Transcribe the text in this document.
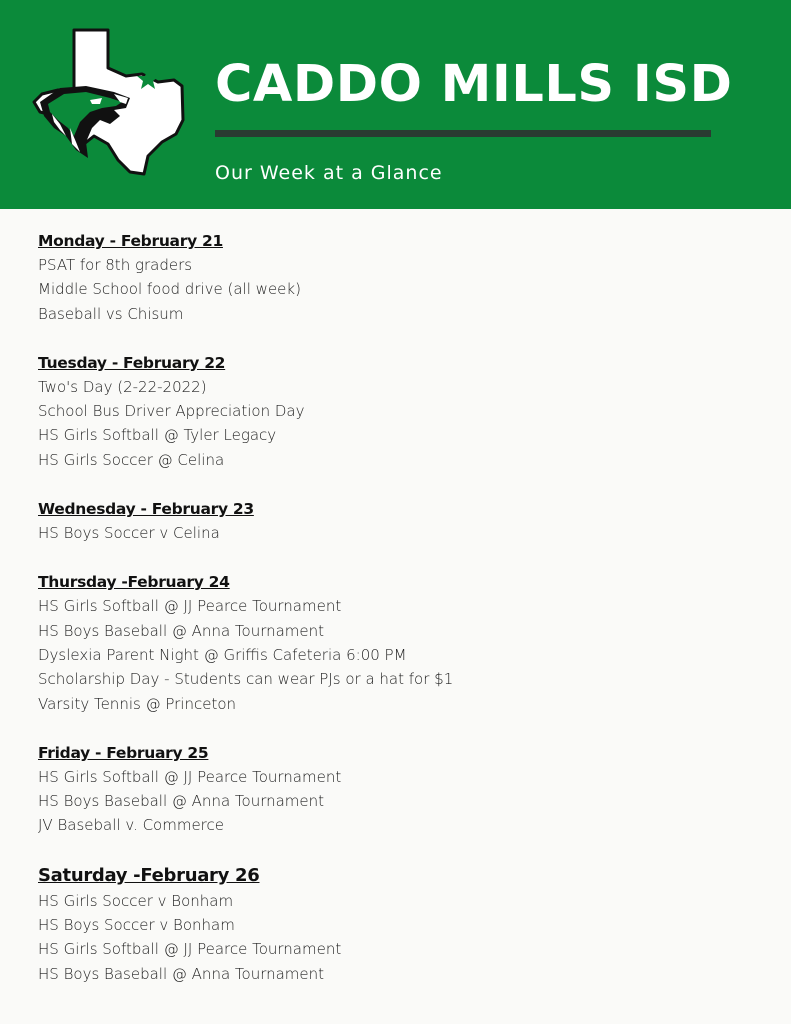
CADDO MILLS ISD
Our Week at a Glance
Monday - February 21
PSAT for 8th graders
Middle School food drive (all week)
Baseball vs Chisum
Tuesday - February 22
Two's Day (2-22-2022)
School Bus Driver Appreciation Day
HS Girls Softball @ Tyler Legacy
HS Girls Soccer @ Celina
Wednesday - February 23
HS Boys Soccer v Celina
Thursday -February 24
HS Girls Softball @ JJ Pearce Tournament
HS Boys Baseball @ Anna Tournament
Dyslexia Parent Night @ Griffis Cafeteria 6:00 PM
Scholarship Day - Students can wear PJs or a hat for $1
Varsity Tennis @ Princeton
Friday - February 25
HS Girls Softball @ JJ Pearce Tournament
HS Boys Baseball @ Anna Tournament
JV Baseball v. Commerce
Saturday -February 26
HS Girls Soccer v Bonham
HS Boys Soccer v Bonham
HS Girls Softball @ JJ Pearce Tournament
HS Boys Baseball @ Anna Tournament
